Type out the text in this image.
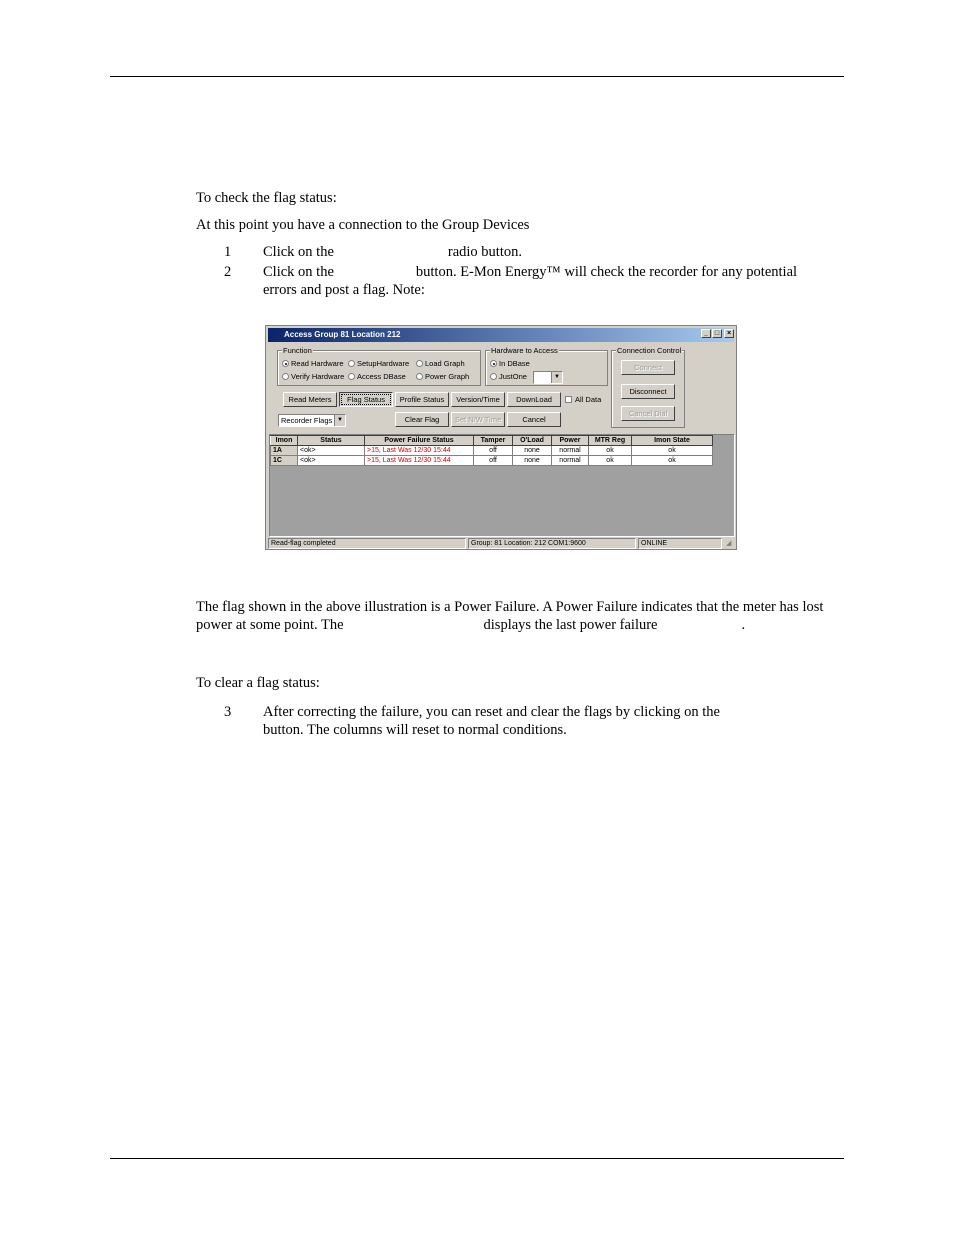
To check the flag status:
At this point you have a connection to the Group Devices
1 Click on the	radio button.
2 Click on the	button. E-Mon Energy™ will check the recorder for any potential
errors and post a flag. Note:
Access Group 81 Location 212	_ □	×
Function
Read Hardware	SetupHardware	Load Graph
Verify Hardware	Access DBase	Power Graph
Hardware to Access
In DBase
JustOne	▼
Connection Control
Connect
Disconnect
Cancel Dial
Read Meters	Flag Status	Profile Status	Version/Time	DownLoad	All Data
Recorder Flags ▼	Clear Flag	Set N/W Time	Cancel
Imon	Status	Power Failure Status	Tamper	O'Load	Power	MTR Reg	Imon State
1A	<ok>	>15, Last Was 12/30 15:44	off	none	normal	ok	ok
1C	<ok>	>15, Last Was 12/30 15:44	off	none	normal	ok	ok
Read-flag completed	Group: 81 Location: 212 COM1:9600	ONLINE	◢
The flag shown in the above illustration is a Power Failure. A Power Failure indicates that the meter has lost
power at some point. The	displays the last power failure	.
To clear a flag status:
3 After correcting the failure, you can reset and clear the flags by clicking on the
button. The columns will reset to normal conditions.
